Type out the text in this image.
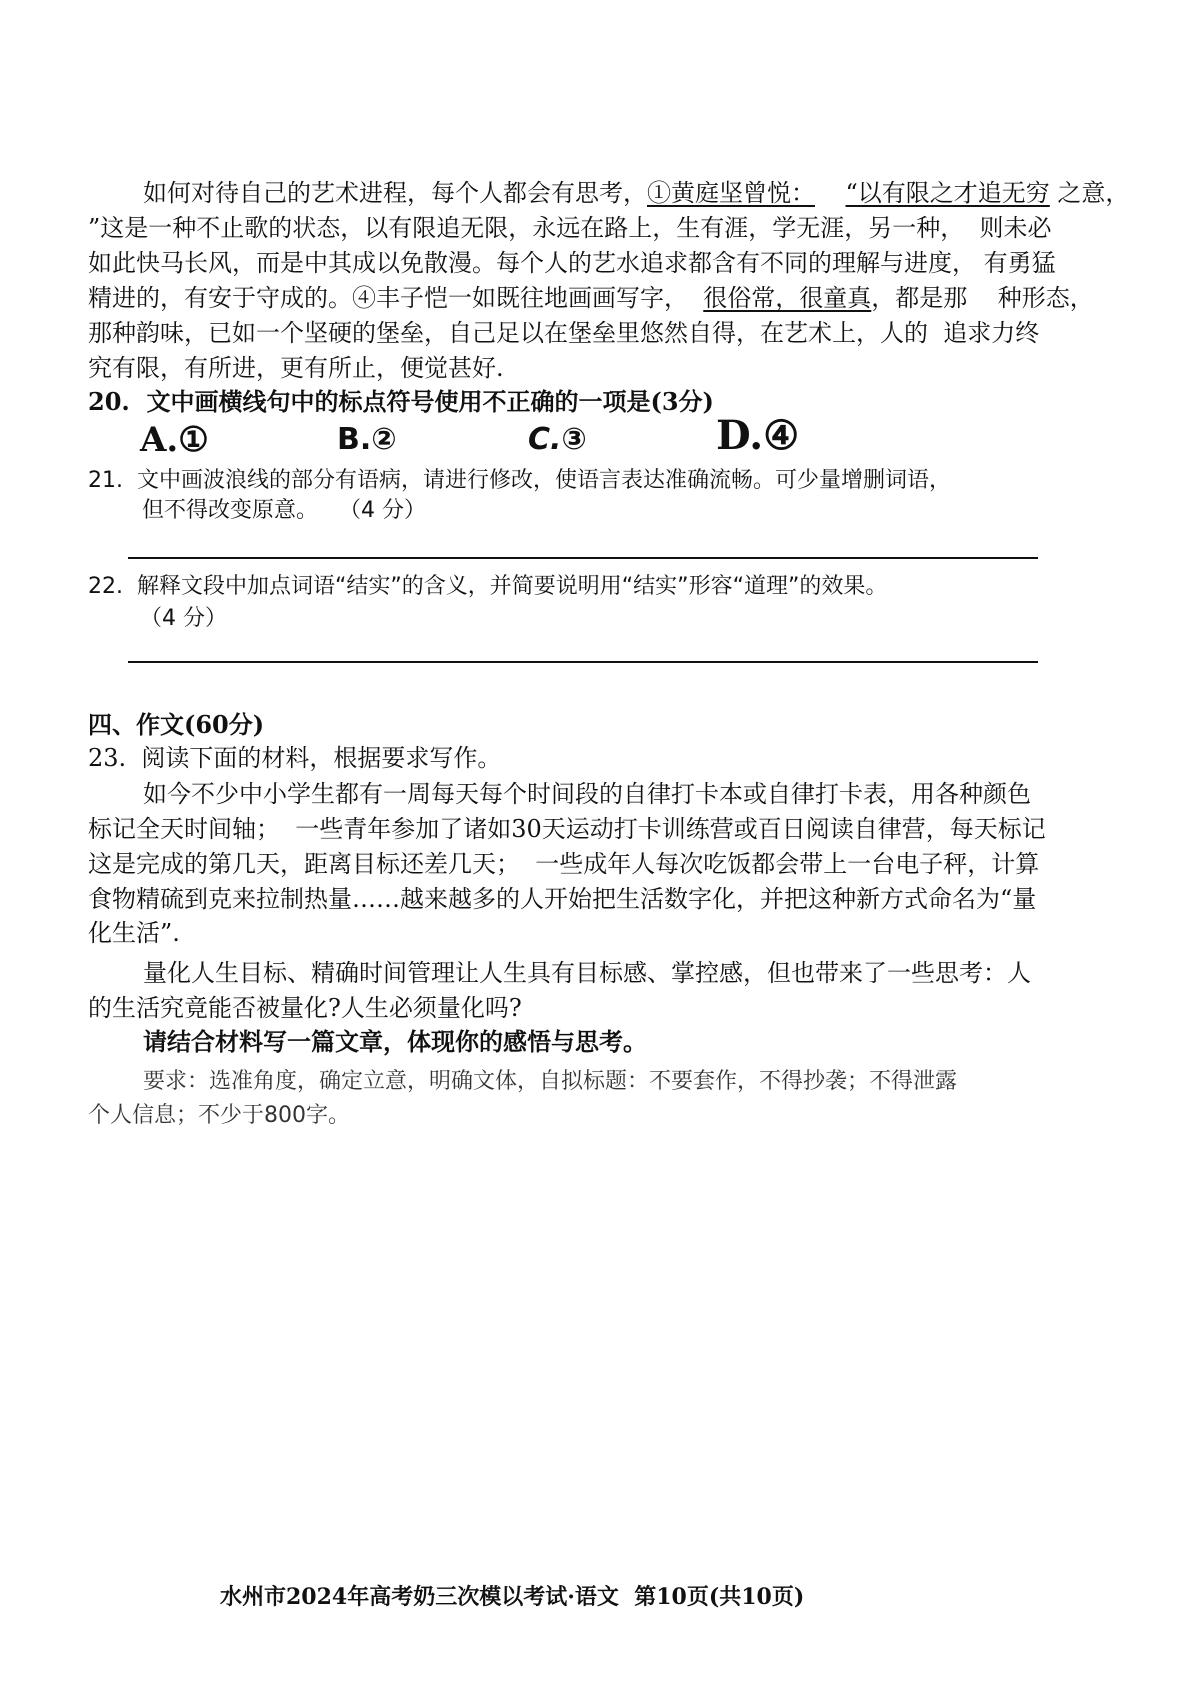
如何对待自己的艺术进程，每个人都会有思考，①黄庭坚曾悦： “以有限之才追无穷 之意，
”这是一种不止歌的状态，以有限追无限，永远在路上，生有涯，学无涯，另一种，  则未必
如此快马长风，而是中其成以免散漫。每个人的艺水追求都含有不同的理解与进度， 有勇猛
精进的，有安于守成的。④丰子恺一如既往地画画写字，  很俗常，很童真，都是那    种形态，
那种韵味，已如一个坚硬的堡垒，自己足以在堡垒里悠然自得，在艺术上，人的  追求力终
究有限，有所进，更有所止，便觉甚好.
20.  文中画横线句中的标点符号使用不正确的一项是(3分)
A.①	B.②	C.③	D.④
21.  文中画波浪线的部分有语病，请进行修改，使语言表达准确流畅。可少量增删词语，
但不得改变原意。   （4 分）
22.  解释文段中加点词语“结实”的含义，并简要说明用“结实”形容“道理”的效果。
（4 分）
四、作文(60分)
23.  阅读下面的材料，根据要求写作。
如今不少中小学生都有一周每天每个时间段的自律打卡本或自律打卡表，用各种颜色
标记全天时间轴；  一些青年参加了诸如30天运动打卡训练营或百日阅读自律营，每天标记
这是完成的第几天，距离目标还差几天；  一些成年人每次吃饭都会带上一台电子秤，计算
食物精硫到克来拉制热量……越来越多的人开始把生活数字化，并把这种新方式命名为“量
化生活”.
量化人生目标、精确时间管理让人生具有目标感、掌控感，但也带来了一些思考：人
的生活究竟能否被量化?人生必须量化吗?
请结合材料写一篇文章，体现你的感悟与思考。
要求：选准角度，确定立意，明确文体，自拟标题：不要套作，不得抄袭；不得泄露
个人信息；不少于800字。
水州市2024年高考奶三次模以考试·语文  第10页(共10页)
